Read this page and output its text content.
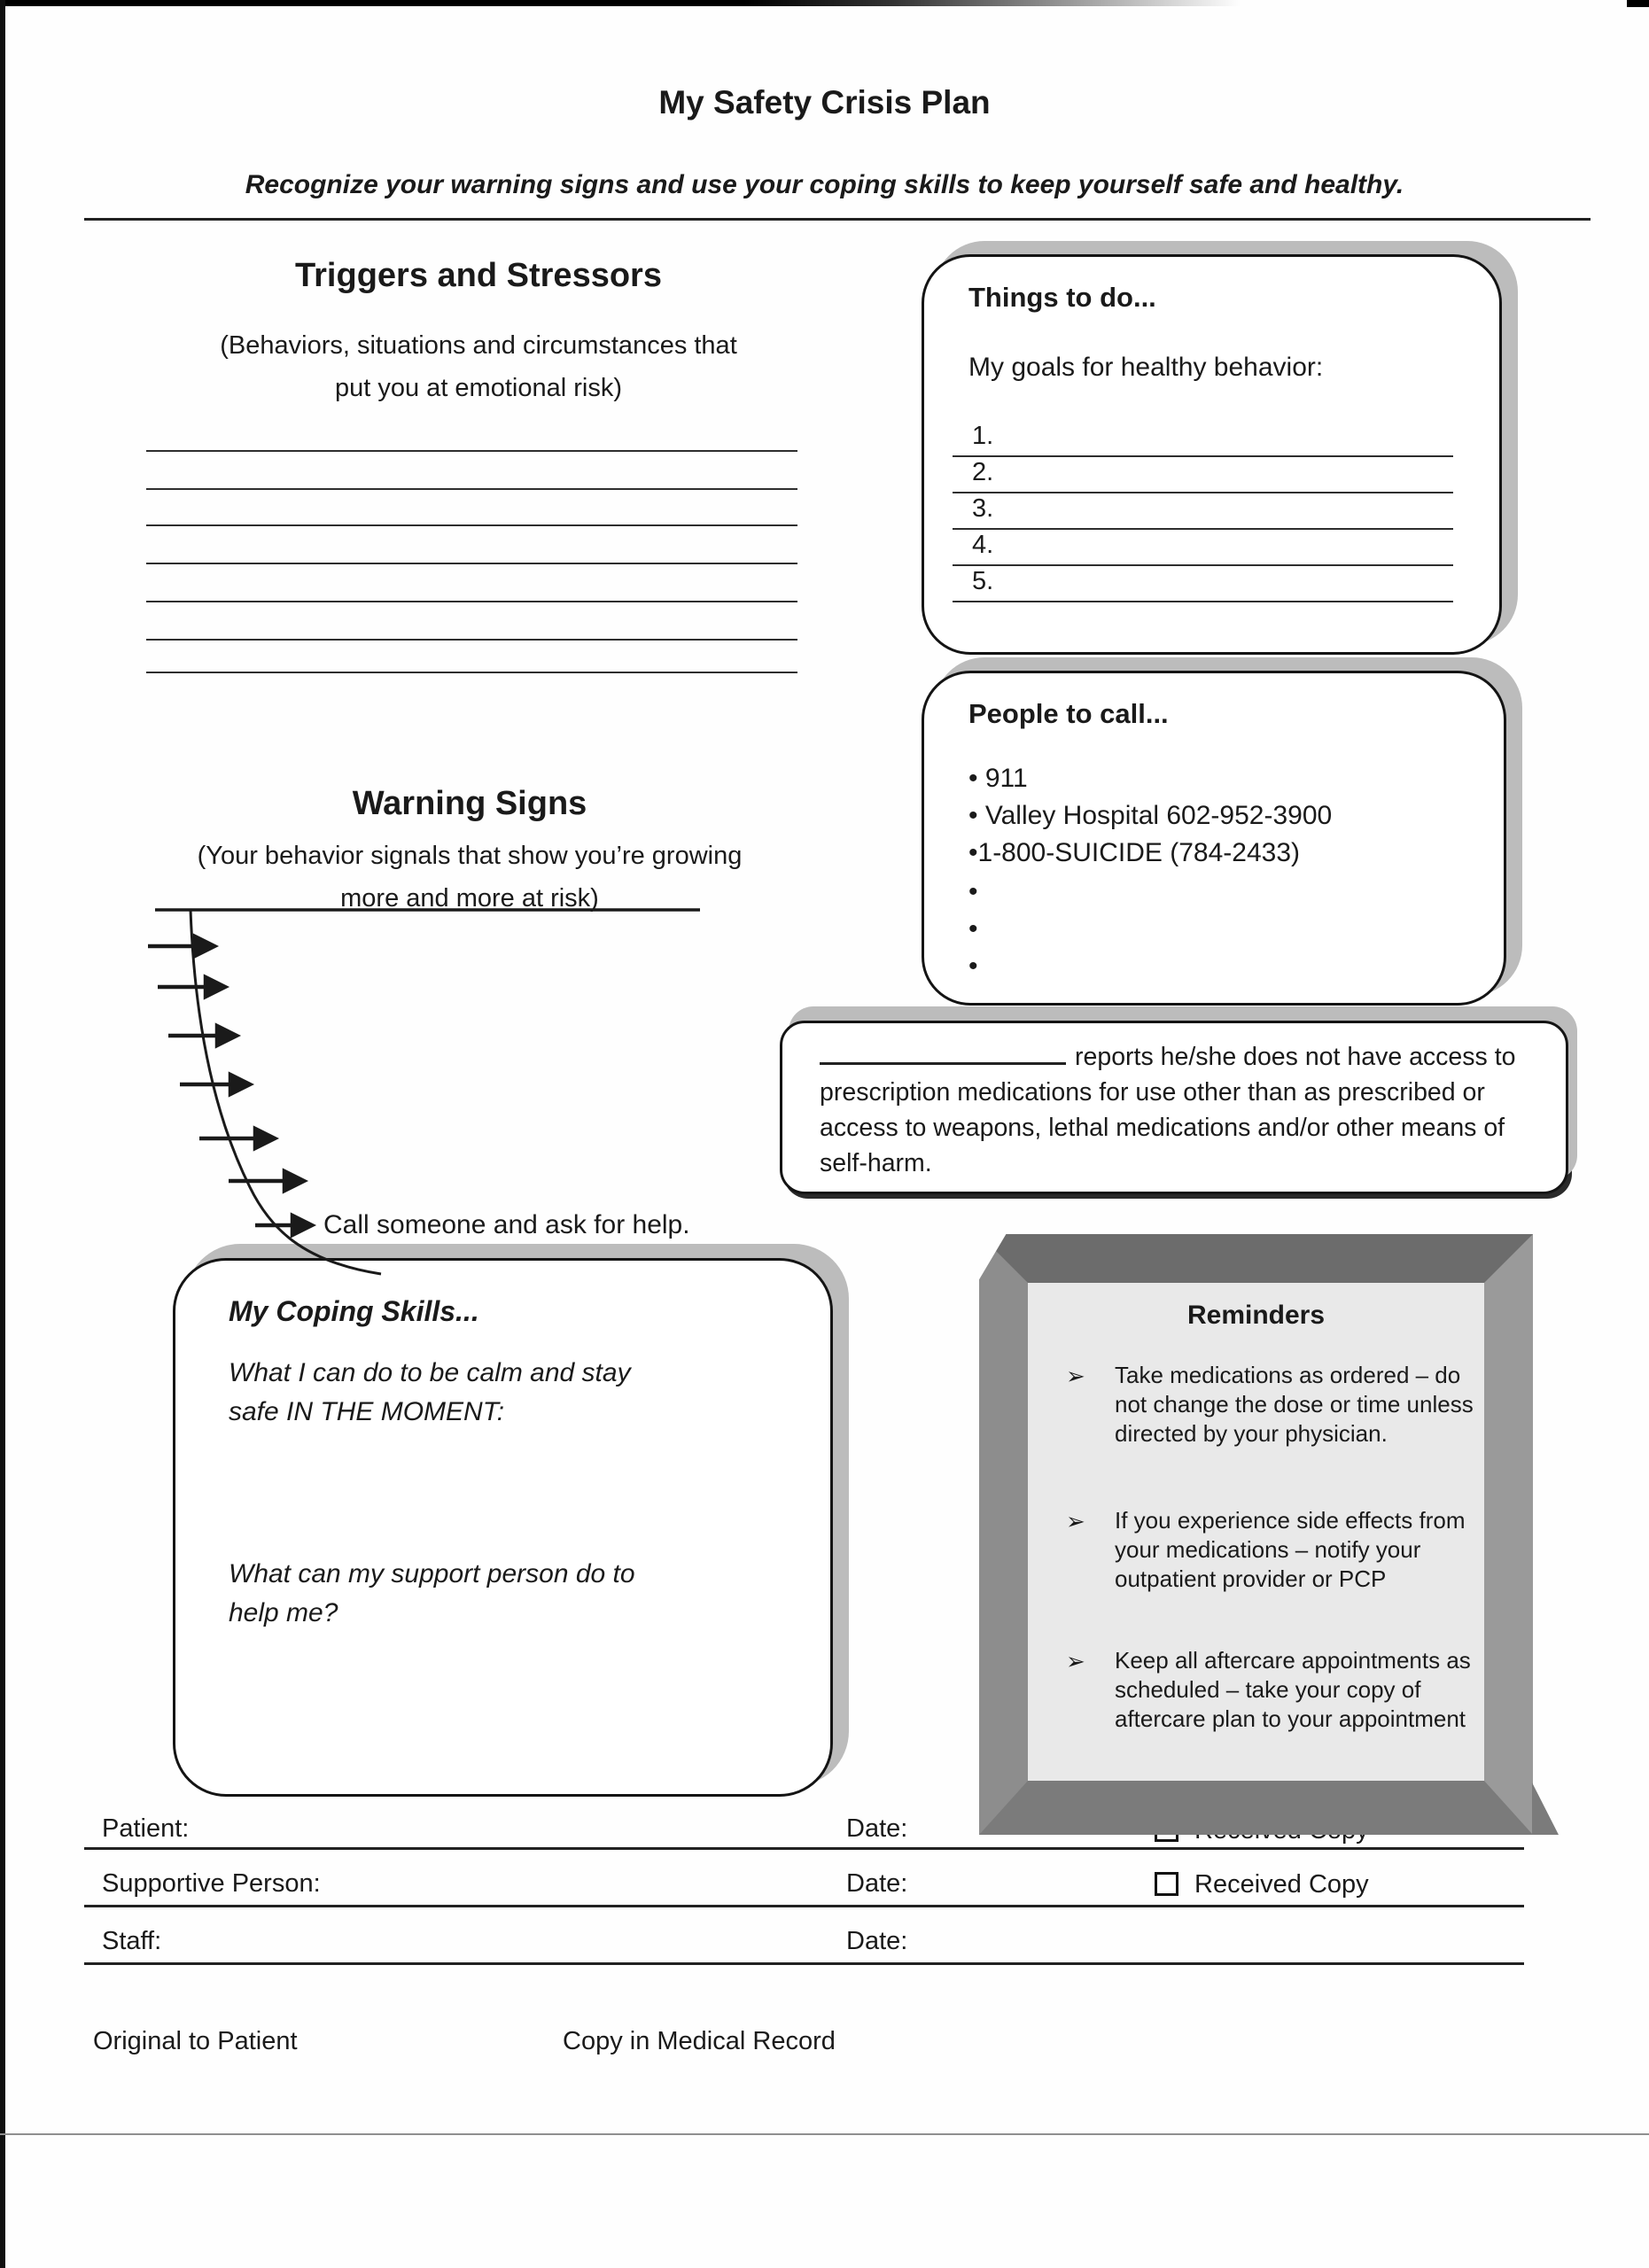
My Safety Crisis Plan
Recognize your warning signs and use your coping skills to keep yourself safe and healthy.
Triggers and Stressors
(Behaviors, situations and circumstances that
put you at emotional risk)
Things to do...
My goals for healthy behavior:
1.
2.
3.
4.
5.
Warning Signs
(Your behavior signals that show you’re growing
more and more at risk)
Call someone and ask for help.
People to call...
• 911
• Valley Hospital 602-952-3900
•1-800-SUICIDE (784-2433)
•
•
•
reports he/she does not have access to prescription medications for use other than as prescribed or access to weapons, lethal medications and/or other means of self-harm.
My Coping Skills...
What I can do to be calm and stay safe IN THE MOMENT:
What can my support person do to help me?
Reminders
➢ Take medications as ordered – do not change the dose or time unless directed by your physician.
➢ If you experience side effects from your medications – notify your outpatient provider or PCP
➢ Keep all aftercare appointments as scheduled – take your copy of aftercare plan to your appointment
Patient:	Date:
Supportive Person:	Date:	Received Copy
Staff:	Date:
Original to Patient	Copy in Medical Record
